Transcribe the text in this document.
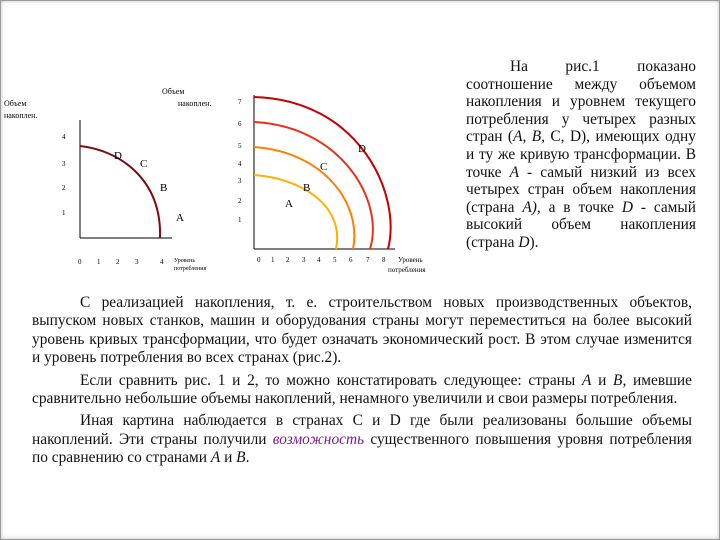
Объем
накоплен.
4
3
2
1
0 1 2 3	4 Уровень
потребления
D
C
B
A
Объем
накоплен.	7
6
5
4
3
2
1
0 1 2 3 4 5 6 7 8 Уровень
потребления
D
C
B
A
На рис.1 показано соотношение между объемом накопления и уровнем текущего потребления у четырех разных стран (А, В, С, D), имеющих одну и ту же кривую трансформации. В точке А - самый низкий из всех четырех стран объем накопления (страна А), а в точке D - самый высокий объем накопления (страна D).

С реализацией накопления, т. е. строительством новых производственных объектов, выпуском новых станков, машин и оборудования страны могут переместиться на более высокий уровень кривых трансформации, что будет означать экономический рост. В этом случае изменится и уровень потребления во всех странах (рис.2).

Если сравнить рис. 1 и 2, то можно констатировать следующее: страны А и В, имевшие сравнительно небольшие объемы накоплений, ненамного увеличили и свои размеры потребления.

Иная картина наблюдается в странах С и D где были реализованы большие объемы накоплений. Эти страны получили возможность существенного повышения уровня потребления по сравнению со странами А и В.
